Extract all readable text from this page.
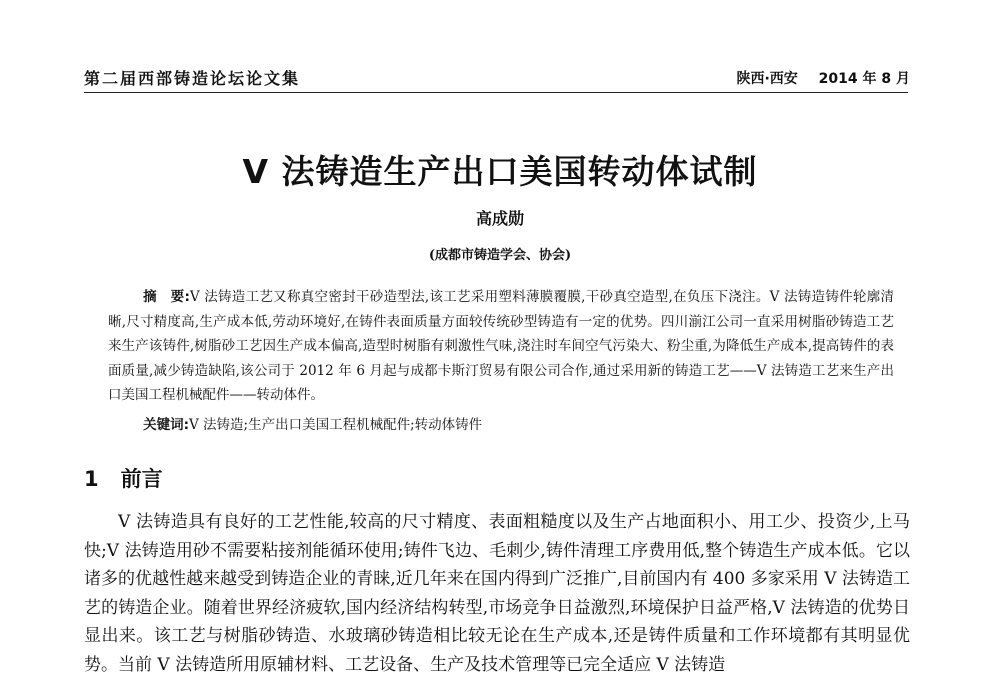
第二届西部铸造论坛论文集	陕西·西安 2014 年 8 月
V 法铸造生产出口美国转动体试制
高成勋
(成都市铸造学会、协会)
摘　要:V 法铸造工艺又称真空密封干砂造型法,该工艺采用塑料薄膜覆膜,干砂真空造型,在负压下浇注。V 法铸造铸件轮廓清晰,尺寸精度高,生产成本低,劳动环境好,在铸件表面质量方面较传统砂型铸造有一定的优势。四川湔江公司一直采用树脂砂铸造工艺来生产该铸件,树脂砂工艺因生产成本偏高,造型时树脂有刺激性气味,浇注时车间空气污染大、粉尘重,为降低生产成本,提高铸件的表面质量,减少铸造缺陷,该公司于 2012 年 6 月起与成都卡斯汀贸易有限公司合作,通过采用新的铸造工艺——V 法铸造工艺来生产出口美国工程机械配件——转动体件。
关键词:V 法铸造;生产出口美国工程机械配件;转动体铸件
1 前言
V 法铸造具有良好的工艺性能,较高的尺寸精度、表面粗糙度以及生产占地面积小、用工少、投资少,上马快;V 法铸造用砂不需要粘接剂能循环使用;铸件飞边、毛刺少,铸件清理工序费用低,整个铸造生产成本低。它以诸多的优越性越来越受到铸造企业的青睐,近几年来在国内得到广泛推广,目前国内有 400 多家采用 V 法铸造工艺的铸造企业。随着世界经济疲软,国内经济结构转型,市场竞争日益激烈,环境保护日益严格,V 法铸造的优势日显出来。该工艺与树脂砂铸造、水玻璃砂铸造相比较无论在生产成本,还是铸件质量和工作环境都有其明显优势。当前 V 法铸造所用原辅材料、工艺设备、生产及技术管理等已完全适应 V 法铸造
